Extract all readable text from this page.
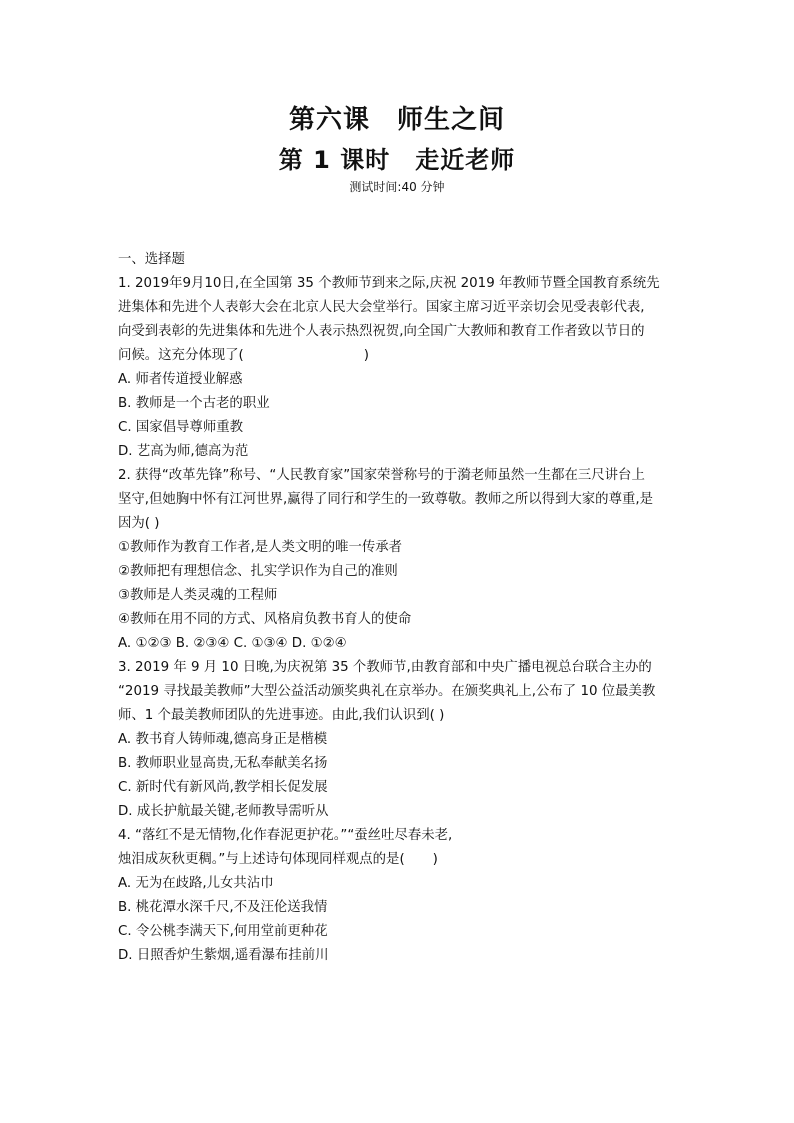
第六课　师生之间
第 1 课时　走近老师
测试时间:40 分钟
一、选择题
1. 2019年9月10日,在全国第 35 个教师节到来之际,庆祝 2019 年教师节暨全国教育系统先
进集体和先进个人表彰大会在北京人民大会堂举行。国家主席习近平亲切会见受表彰代表,
向受到表彰的先进集体和先进个人表示热烈祝贺,向全国广大教师和教育工作者致以节日的
问候。这充分体现了(	)
A. 师者传道授业解惑
B. 教师是一个古老的职业
C. 国家倡导尊师重教
D. 艺高为师,德高为范
2. 获得“改革先锋”称号、“人民教育家”国家荣誉称号的于漪老师虽然一生都在三尺讲台上
坚守,但她胸中怀有江河世界,赢得了同行和学生的一致尊敬。教师之所以得到大家的尊重,是
因为( )
①教师作为教育工作者,是人类文明的唯一传承者
②教师把有理想信念、扎实学识作为自己的准则
③教师是人类灵魂的工程师
④教师在用不同的方式、风格肩负教书育人的使命
A. ①②③ B. ②③④ C. ①③④ D. ①②④
3. 2019 年 9 月 10 日晚,为庆祝第 35 个教师节,由教育部和中央广播电视总台联合主办的
“2019 寻找最美教师”大型公益活动颁奖典礼在京举办。在颁奖典礼上,公布了 10 位最美教
师、1 个最美教师团队的先进事迹。由此,我们认识到( )
A. 教书育人铸师魂,德高身正是楷模
B. 教师职业显高贵,无私奉献美名扬
C. 新时代有新风尚,教学相长促发展
D. 成长护航最关键,老师教导需听从
4. “落红不是无情物,化作春泥更护花。”“蚕丝吐尽春未老,
烛泪成灰秋更稠。”与上述诗句体现同样观点的是( )
A. 无为在歧路,儿女共沾巾
B. 桃花潭水深千尺,不及汪伦送我情
C. 令公桃李满天下,何用堂前更种花
D. 日照香炉生紫烟,遥看瀑布挂前川
